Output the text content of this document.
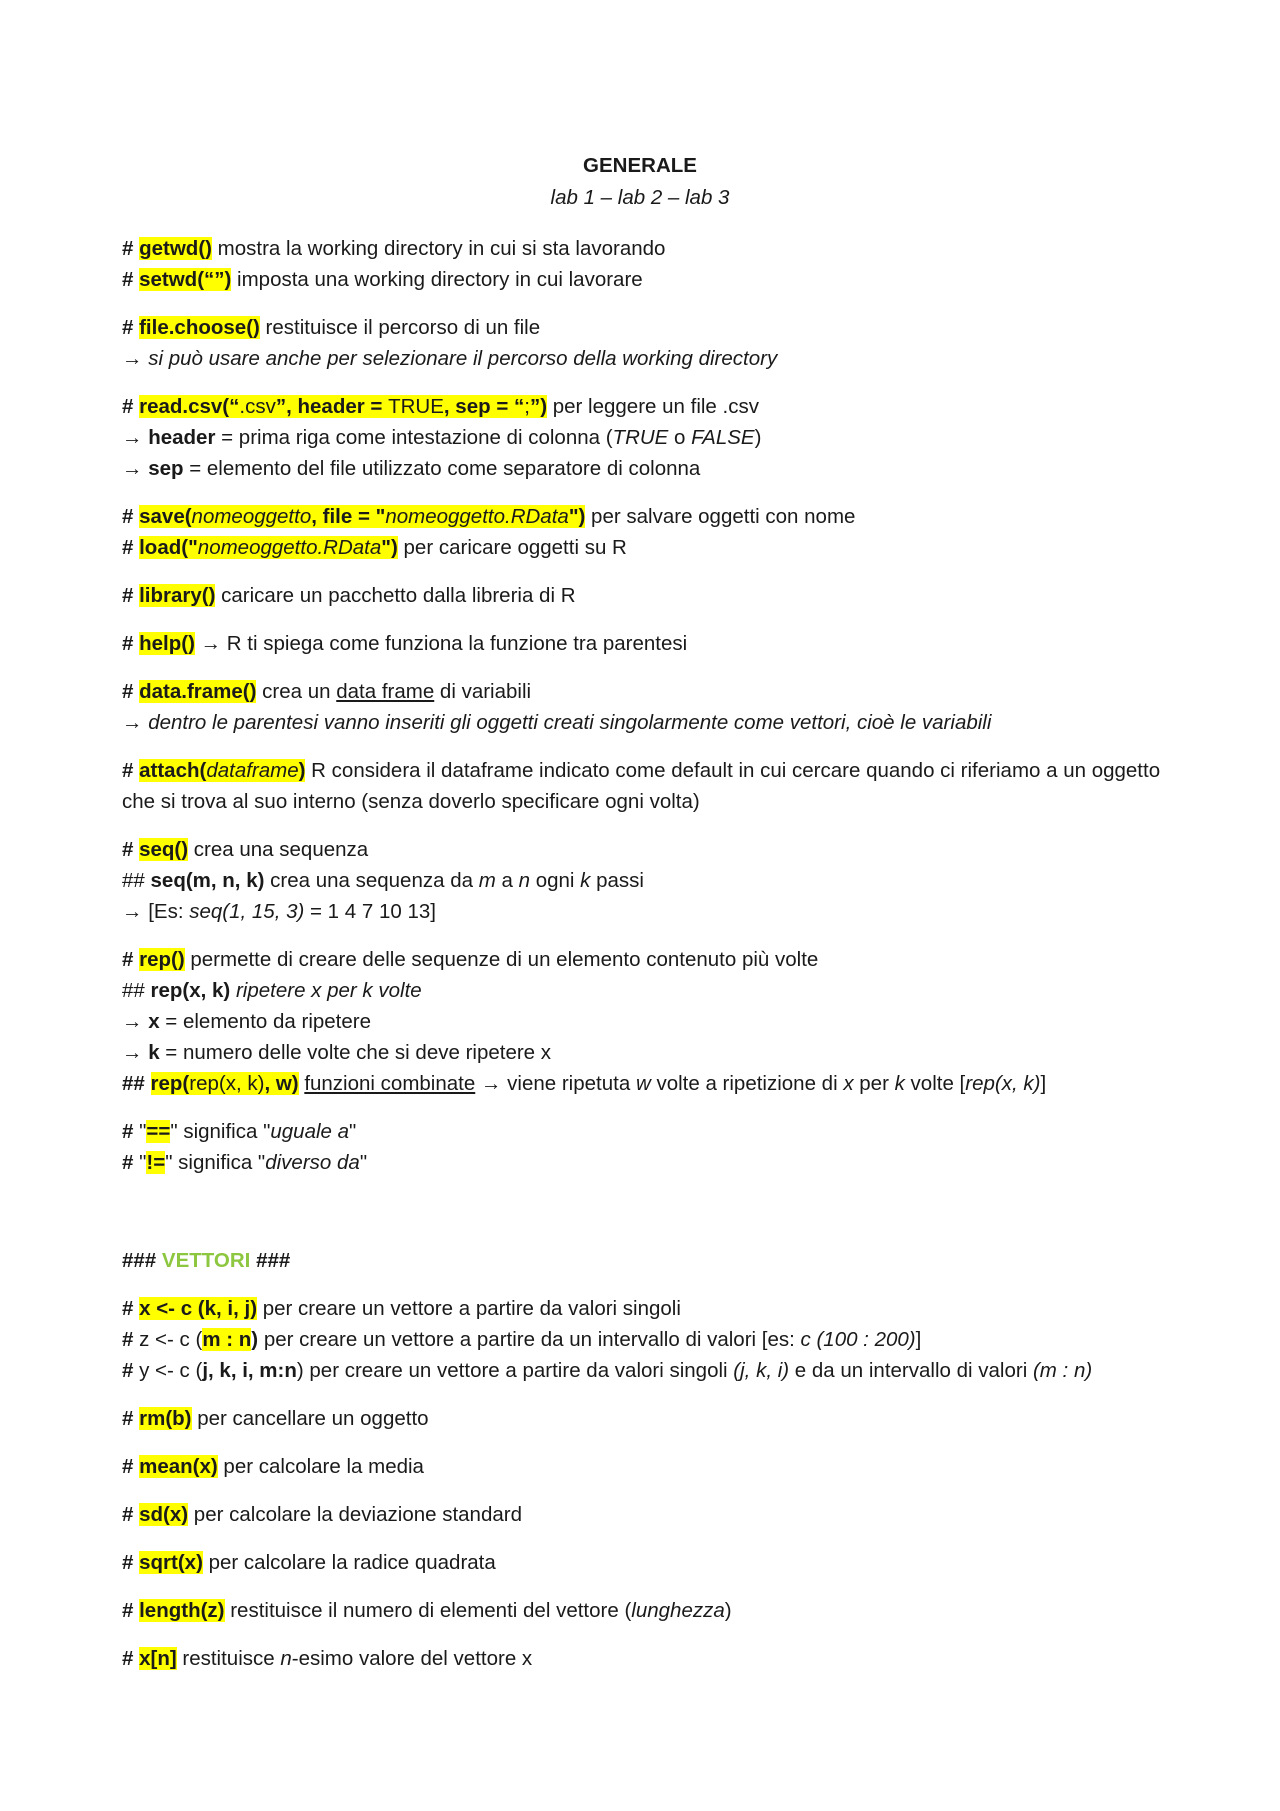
GENERALE
lab 1 – lab 2 – lab 3
# getwd() mostra la working directory in cui si sta lavorando
# setwd(“”) imposta una working directory in cui lavorare
# file.choose() restituisce il percorso di un file
→ si può usare anche per selezionare il percorso della working directory
# read.csv(“.csv”, header = TRUE, sep = “;”) per leggere un file .csv
→ header = prima riga come intestazione di colonna (TRUE o FALSE)
→ sep = elemento del file utilizzato come separatore di colonna
# save(nomeoggetto, file = "nomeoggetto.RData") per salvare oggetti con nome
# load("nomeoggetto.RData") per caricare oggetti su R
# library() caricare un pacchetto dalla libreria di R
# help() → R ti spiega come funziona la funzione tra parentesi
# data.frame() crea un data frame di variabili
→ dentro le parentesi vanno inseriti gli oggetti creati singolarmente come vettori, cioè le variabili
# attach(dataframe) R considera il dataframe indicato come default in cui cercare quando ci riferiamo a un oggetto che si trova al suo interno (senza doverlo specificare ogni volta)
# seq() crea una sequenza
## seq(m, n, k) crea una sequenza da m a n ogni k passi
→ [Es: seq(1, 15, 3) = 1 4 7 10 13]
# rep() permette di creare delle sequenze di un elemento contenuto più volte
## rep(x, k) ripetere x per k volte
→ x = elemento da ripetere
→ k = numero delle volte che si deve ripetere x
## rep(rep(x, k), w) funzioni combinate → viene ripetuta w volte a ripetizione di x per k volte [rep(x, k)]
# "==" significa "uguale a"
# "!=" significa "diverso da"
### VETTORI ###
# x <- c (k, i, j) per creare un vettore a partire da valori singoli
# z <- c (m : n) per creare un vettore a partire da un intervallo di valori [es: c (100 : 200)]
# y <- c (j, k, i, m:n) per creare un vettore a partire da valori singoli (j, k, i) e da un intervallo di valori (m : n)
# rm(b) per cancellare un oggetto
# mean(x) per calcolare la media
# sd(x) per calcolare la deviazione standard
# sqrt(x) per calcolare la radice quadrata
# length(z) restituisce il numero di elementi del vettore (lunghezza)
# x[n] restituisce n-esimo valore del vettore x
